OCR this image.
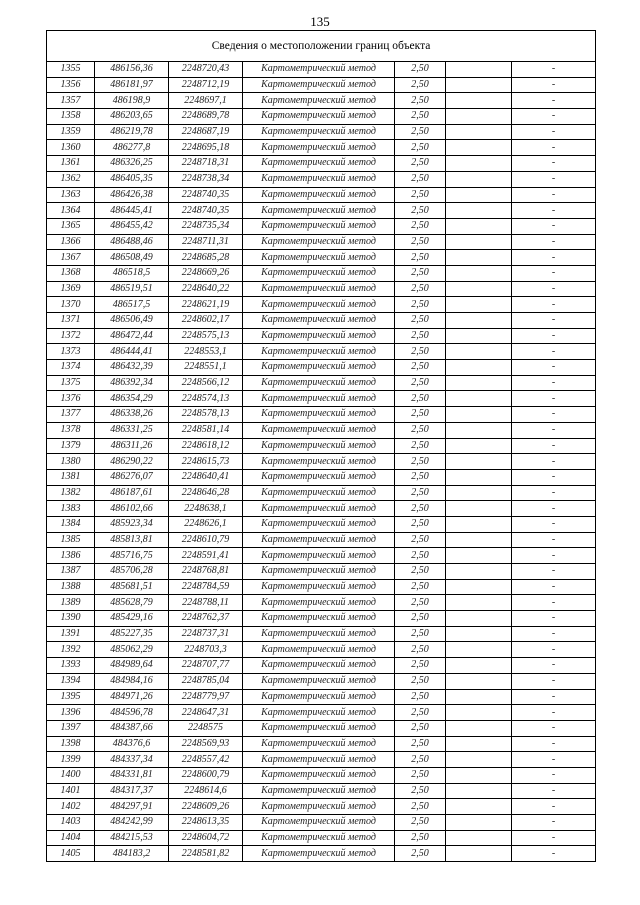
135
Сведения о местоположении границ объекта						
1355	486156,36	2248720,43	Картометрический метод	2,50		-
1356	486181,97	2248712,19	Картометрический метод	2,50		-
1357	486198,9	2248697,1	Картометрический метод	2,50		-
1358	486203,65	2248689,78	Картометрический метод	2,50		-
1359	486219,78	2248687,19	Картометрический метод	2,50		-
1360	486277,8	2248695,18	Картометрический метод	2,50		-
1361	486326,25	2248718,31	Картометрический метод	2,50		-
1362	486405,35	2248738,34	Картометрический метод	2,50		-
1363	486426,38	2248740,35	Картометрический метод	2,50		-
1364	486445,41	2248740,35	Картометрический метод	2,50		-
1365	486455,42	2248735,34	Картометрический метод	2,50		-
1366	486488,46	2248711,31	Картометрический метод	2,50		-
1367	486508,49	2248685,28	Картометрический метод	2,50		-
1368	486518,5	2248669,26	Картометрический метод	2,50		-
1369	486519,51	2248640,22	Картометрический метод	2,50		-
1370	486517,5	2248621,19	Картометрический метод	2,50		-
1371	486506,49	2248602,17	Картометрический метод	2,50		-
1372	486472,44	2248575,13	Картометрический метод	2,50		-
1373	486444,41	2248553,1	Картометрический метод	2,50		-
1374	486432,39	2248551,1	Картометрический метод	2,50		-
1375	486392,34	2248566,12	Картометрический метод	2,50		-
1376	486354,29	2248574,13	Картометрический метод	2,50		-
1377	486338,26	2248578,13	Картометрический метод	2,50		-
1378	486331,25	2248581,14	Картометрический метод	2,50		-
1379	486311,26	2248618,12	Картометрический метод	2,50		-
1380	486290,22	2248615,73	Картометрический метод	2,50		-
1381	486276,07	2248640,41	Картометрический метод	2,50		-
1382	486187,61	2248646,28	Картометрический метод	2,50		-
1383	486102,66	2248638,1	Картометрический метод	2,50		-
1384	485923,34	2248626,1	Картометрический метод	2,50		-
1385	485813,81	2248610,79	Картометрический метод	2,50		-
1386	485716,75	2248591,41	Картометрический метод	2,50		-
1387	485706,28	2248768,81	Картометрический метод	2,50		-
1388	485681,51	2248784,59	Картометрический метод	2,50		-
1389	485628,79	2248788,11	Картометрический метод	2,50		-
1390	485429,16	2248762,37	Картометрический метод	2,50		-
1391	485227,35	2248737,31	Картометрический метод	2,50		-
1392	485062,29	2248703,3	Картометрический метод	2,50		-
1393	484989,64	2248707,77	Картометрический метод	2,50		-
1394	484984,16	2248785,04	Картометрический метод	2,50		-
1395	484971,26	2248779,97	Картометрический метод	2,50		-
1396	484596,78	2248647,31	Картометрический метод	2,50		-
1397	484387,66	2248575	Картометрический метод	2,50		-
1398	484376,6	2248569,93	Картометрический метод	2,50		-
1399	484337,34	2248557,42	Картометрический метод	2,50		-
1400	484331,81	2248600,79	Картометрический метод	2,50		-
1401	484317,37	2248614,6	Картометрический метод	2,50		-
1402	484297,91	2248609,26	Картометрический метод	2,50		-
1403	484242,99	2248613,35	Картометрический метод	2,50		-
1404	484215,53	2248604,72	Картометрический метод	2,50		-
1405	484183,2	2248581,82	Картометрический метод	2,50		-
